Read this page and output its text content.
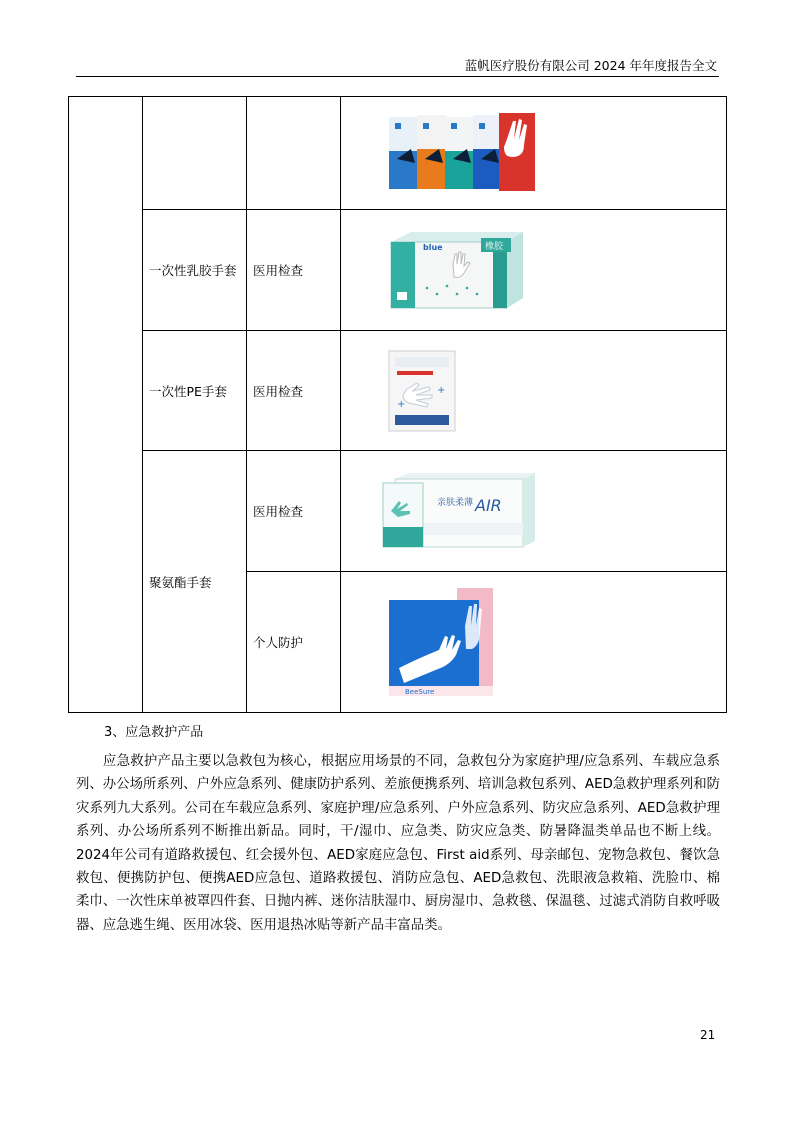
蓝帆医疗股份有限公司 2024 年年度报告全文

	一次性乳胶手套	医用检查	橡胶
blue

	一次性PE手套	医用检查	+
+

	聚氨酯手套	医用检查	亲肤柔薄 AIR

		个人防护	BeeSure
3、应急救护产品

应急救护产品主要以急救包为核心，根据应用场景的不同，急救包分为家庭护理/应急系列、车载应急系列、办公场所系列、户外应急系列、健康防护系列、差旅便携系列、培训急救包系列、AED急救护理系列和防灾系列九大系列。公司在车载应急系列、家庭护理/应急系列、户外应急系列、防灾应急系列、AED急救护理系列、办公场所系列不断推出新品。同时，干/湿巾、应急类、防灾应急类、防暑降温类单品也不断上线。2024年公司有道路救援包、红会援外包、AED家庭应急包、First aid系列、母亲邮包、宠物急救包、餐饮急救包、便携防护包、便携AED应急包、道路救援包、消防应急包、AED急救包、洗眼液急救箱、洗脸巾、棉柔巾、一次性床单被罩四件套、日抛内裤、迷你洁肤湿巾、厨房湿巾、急救毯、保温毯、过滤式消防自救呼吸器、应急逃生绳、医用冰袋、医用退热冰贴等新产品丰富品类。

21
